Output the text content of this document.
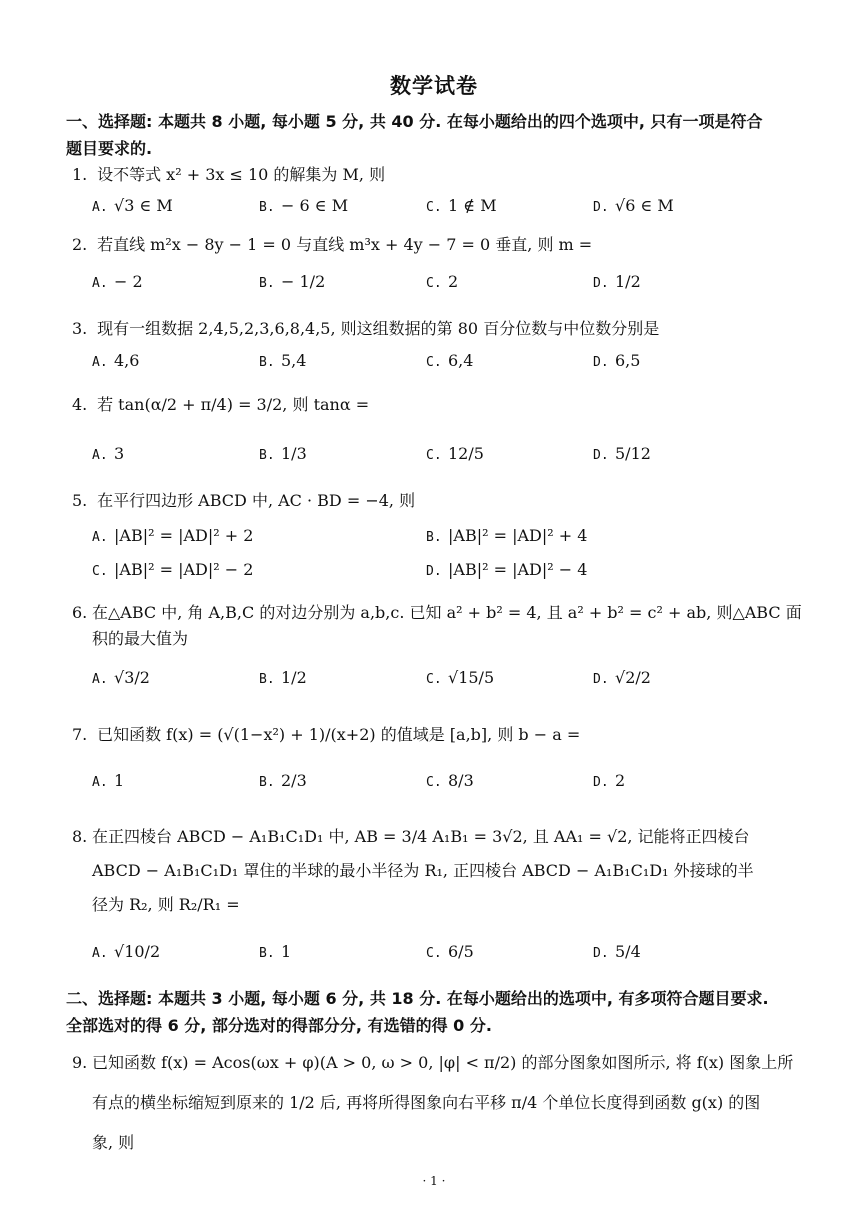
数学试卷
一、选择题: 本题共 8 小题, 每小题 5 分, 共 40 分. 在每小题给出的四个选项中, 只有一项是符合
题目要求的.
1. 设不等式 x² + 3x ≤ 10 的解集为 M, 则
A. √3 ∈ M	B. − 6 ∈ M	C. 1 ∉ M	D. √6 ∈ M
2. 若直线 m²x − 8y − 1 = 0 与直线 m³x + 4y − 7 = 0 垂直, 则 m =
A. − 2	B. − 1/2	C. 2	D. 1/2
3. 现有一组数据 2,4,5,2,3,6,8,4,5, 则这组数据的第 80 百分位数与中位数分别是
A. 4,6	B. 5,4	C. 6,4	D. 6,5
4. 若 tan(α/2 + π/4) = 3/2, 则 tanα =
A. 3	B. 1/3	C. 12/5	D. 5/12
5. 在平行四边形 ABCD 中, AC · BD = −4, 则
A. |AB|² = |AD|² + 2	B. |AB|² = |AD|² + 4
C. |AB|² = |AD|² − 2	D. |AB|² = |AD|² − 4
6. 在△ABC 中, 角 A,B,C 的对边分别为 a,b,c. 已知 a² + b² = 4, 且 a² + b² = c² + ab, 则△ABC 面
积的最大值为
A. √3/2	B. 1/2	C. √15/5	D. √2/2
7. 已知函数 f(x) = (√(1−x²) + 1)/(x+2) 的值域是 [a,b], 则 b − a =
A. 1	B. 2/3	C. 8/3	D. 2
8. 在正四棱台 ABCD − A₁B₁C₁D₁ 中, AB = 3/4 A₁B₁ = 3√2, 且 AA₁ = √2, 记能将正四棱台
ABCD − A₁B₁C₁D₁ 罩住的半球的最小半径为 R₁, 正四棱台 ABCD − A₁B₁C₁D₁ 外接球的半
径为 R₂, 则 R₂/R₁ =
A. √10/2	B. 1	C. 6/5	D. 5/4
二、选择题: 本题共 3 小题, 每小题 6 分, 共 18 分. 在每小题给出的选项中, 有多项符合题目要求.
全部选对的得 6 分, 部分选对的得部分分, 有选错的得 0 分.
9. 已知函数 f(x) = Acos(ωx + φ)(A > 0, ω > 0, |φ| < π/2) 的部分图象如图所示, 将 f(x) 图象上所
有点的横坐标缩短到原来的 1/2 后, 再将所得图象向右平移 π/4 个单位长度得到函数 g(x) 的图
象, 则
· 1 ·
